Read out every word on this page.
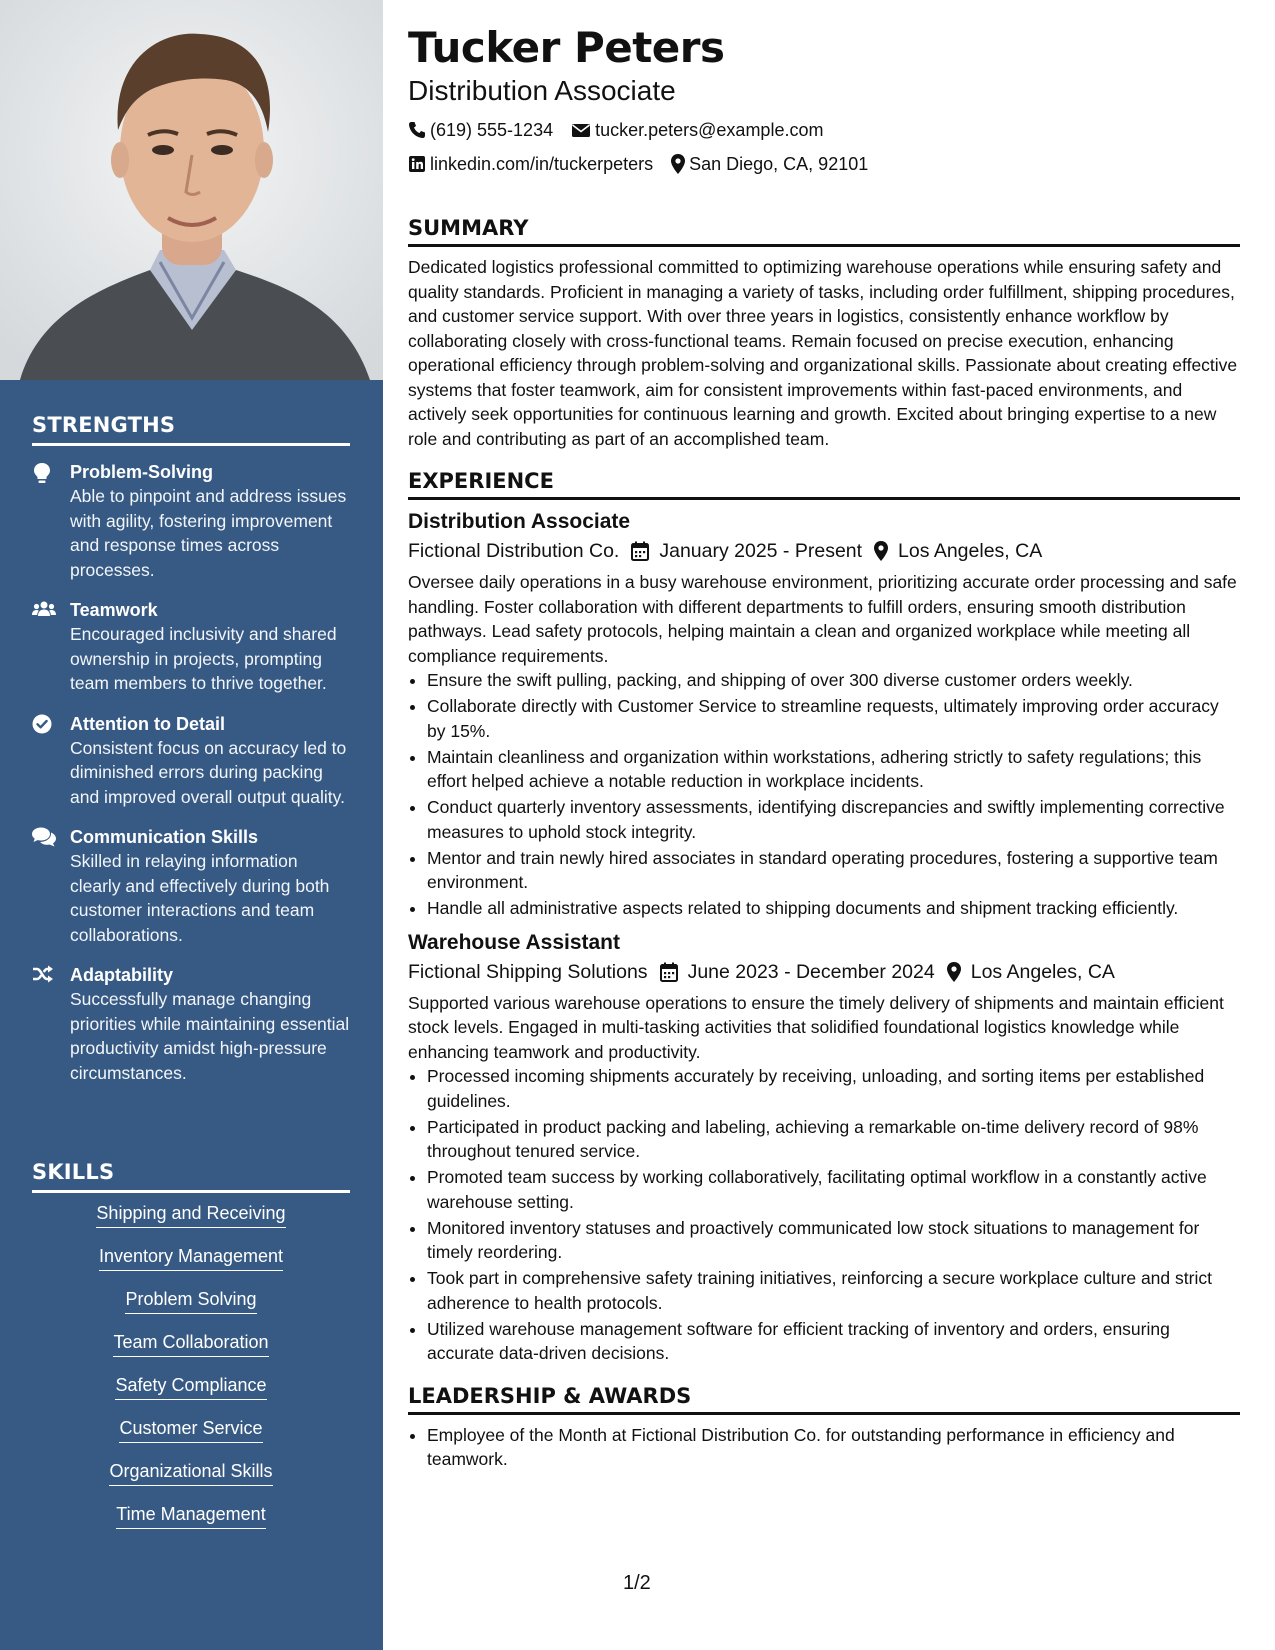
STRENGTHS
Problem-Solving
Able to pinpoint and address issues with agility, fostering improvement and response times across processes.
Teamwork
Encouraged inclusivity and shared ownership in projects, prompting team members to thrive together.
Attention to Detail
Consistent focus on accuracy led to diminished errors during packing and improved overall output quality.
Communication Skills
Skilled in relaying information clearly and effectively during both customer interactions and team collaborations.
Adaptability
Successfully manage changing priorities while maintaining essential productivity amidst high-pressure circumstances.
SKILLS
Shipping and Receiving
Inventory Management
Problem Solving
Team Collaboration
Safety Compliance
Customer Service
Organizational Skills
Time Management
Tucker Peters
Distribution Associate
(619) 555-1234 tucker.peters@example.com
linkedin.com/in/tuckerpeters San Diego, CA, 92101
SUMMARY
Dedicated logistics professional committed to optimizing warehouse operations while ensuring safety and quality standards. Proficient in managing a variety of tasks, including order fulfillment, shipping procedures, and customer service support. With over three years in logistics, consistently enhance workflow by collaborating closely with cross-functional teams. Remain focused on precise execution, enhancing operational efficiency through problem-solving and organizational skills. Passionate about creating effective systems that foster teamwork, aim for consistent improvements within fast-paced environments, and actively seek opportunities for continuous learning and growth. Excited about bringing expertise to a new role and contributing as part of an accomplished team.
EXPERIENCE
Distribution Associate
Fictional Distribution Co. January 2025 - Present Los Angeles, CA
Oversee daily operations in a busy warehouse environment, prioritizing accurate order processing and safe handling. Foster collaboration with different departments to fulfill orders, ensuring smooth distribution pathways. Lead safety protocols, helping maintain a clean and organized workplace while meeting all compliance requirements.
• Ensure the swift pulling, packing, and shipping of over 300 diverse customer orders weekly.
• Collaborate directly with Customer Service to streamline requests, ultimately improving order accuracy by 15%.
• Maintain cleanliness and organization within workstations, adhering strictly to safety regulations; this effort helped achieve a notable reduction in workplace incidents.
• Conduct quarterly inventory assessments, identifying discrepancies and swiftly implementing corrective measures to uphold stock integrity.
• Mentor and train newly hired associates in standard operating procedures, fostering a supportive team environment.
• Handle all administrative aspects related to shipping documents and shipment tracking efficiently.
Warehouse Assistant
Fictional Shipping Solutions June 2023 - December 2024 Los Angeles, CA
Supported various warehouse operations to ensure the timely delivery of shipments and maintain efficient stock levels. Engaged in multi-tasking activities that solidified foundational logistics knowledge while enhancing teamwork and productivity.
• Processed incoming shipments accurately by receiving, unloading, and sorting items per established guidelines.
• Participated in product packing and labeling, achieving a remarkable on-time delivery record of 98% throughout tenured service.
• Promoted team success by working collaboratively, facilitating optimal workflow in a constantly active warehouse setting.
• Monitored inventory statuses and proactively communicated low stock situations to management for timely reordering.
• Took part in comprehensive safety training initiatives, reinforcing a secure workplace culture and strict adherence to health protocols.
• Utilized warehouse management software for efficient tracking of inventory and orders, ensuring accurate data-driven decisions.
LEADERSHIP & AWARDS
• Employee of the Month at Fictional Distribution Co. for outstanding performance in efficiency and teamwork.
1/2
